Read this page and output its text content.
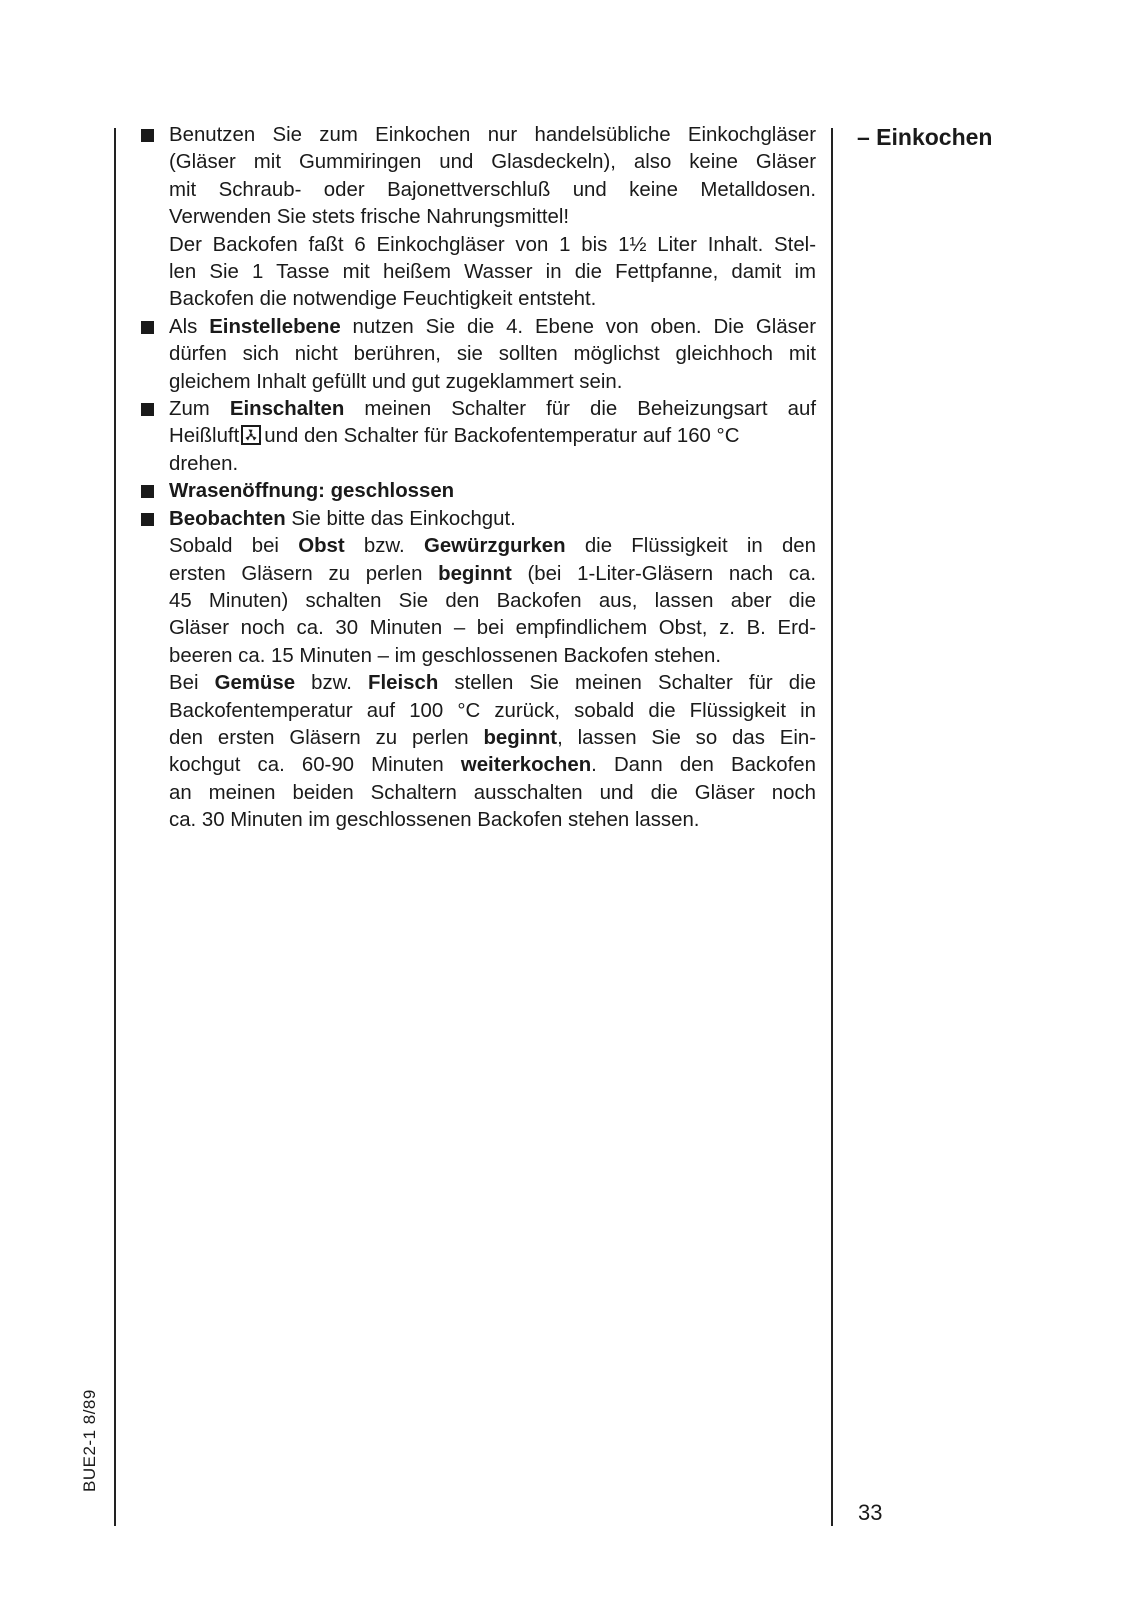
BUE2-1 8/89
– Einkochen
33
Benutzen Sie zum Einkochen nur handelsübliche Einkochgläser
(Gläser mit Gummiringen und Glasdeckeln), also keine Gläser
mit Schraub- oder Bajonettverschluß und keine Metalldosen.
Verwenden Sie stets frische Nahrungsmittel!
Der Backofen faßt 6 Einkochgläser von 1 bis 1½ Liter Inhalt. Stel-
len Sie 1 Tasse mit heißem Wasser in die Fettpfanne, damit im
Backofen die notwendige Feuchtigkeit entsteht.
Als Einstellebene nutzen Sie die 4. Ebene von oben. Die Gläser
dürfen sich nicht berühren, sie sollten möglichst gleichhoch mit
gleichem Inhalt gefüllt und gut zugeklammert sein.
Zum Einschalten meinen Schalter für die Beheizungsart auf
Heißluft und den Schalter für Backofentemperatur auf 160 °C
drehen.
Wrasenöffnung: geschlossen
Beobachten Sie bitte das Einkochgut.
Sobald bei Obst bzw. Gewürzgurken die Flüssigkeit in den
ersten Gläsern zu perlen beginnt (bei 1-Liter-Gläsern nach ca.
45 Minuten) schalten Sie den Backofen aus, lassen aber die
Gläser noch ca. 30 Minuten – bei empfindlichem Obst, z. B. Erd-
beeren ca. 15 Minuten – im geschlossenen Backofen stehen.
Bei Gemüse bzw. Fleisch stellen Sie meinen Schalter für die
Backofentemperatur auf 100 °C zurück, sobald die Flüssigkeit in
den ersten Gläsern zu perlen beginnt, lassen Sie so das Ein-
kochgut ca. 60-90 Minuten weiterkochen. Dann den Backofen
an meinen beiden Schaltern ausschalten und die Gläser noch
ca. 30 Minuten im geschlossenen Backofen stehen lassen.
